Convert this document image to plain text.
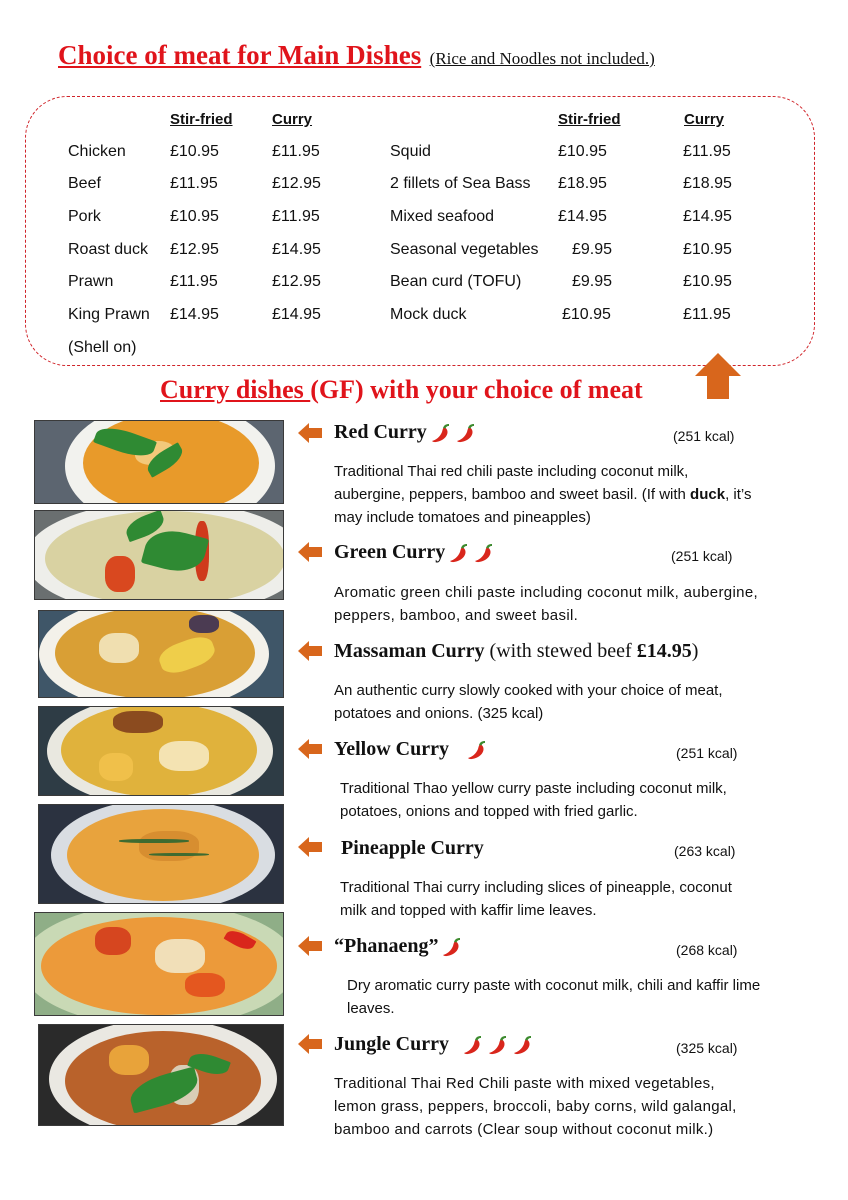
Choice of meat for Main Dishes (Rice and Noodles not included.)
Stir-fried	Curry	Stir-fried	Curry
Chicken	£10.95	£11.95
Beef	£11.95	£12.95
Pork	£10.95	£11.95
Roast duck £12.95	£14.95
Prawn	£11.95	£12.95
King Prawn £14.95	£14.95
(Shell on)
Squid	£10.95	£11.95
2 fillets of Sea Bass £18.95	£18.95
Mixed seafood	£14.95	£14.95
Seasonal vegetables £9.95	£10.95
Bean curd (TOFU)	£9.95	£10.95
Mock duck	£10.95	£11.95
Curry dishes (GF) with your choice of meat
Red Curry	(251 kcal)

Traditional Thai red chili paste including coconut milk, aubergine, peppers, bamboo and sweet basil. (If with duck, it’s may include tomatoes and pineapples)

Green Curry	(251 kcal)

Aromatic green chili paste including coconut milk, aubergine, peppers, bamboo, and sweet basil.

Massaman Curry (with stewed beef £14.95)

An authentic curry slowly cooked with your choice of meat, potatoes and onions. (325 kcal)

Yellow Curry	(251 kcal)

Traditional Thao yellow curry paste including coconut milk, potatoes, onions and topped with fried garlic.

Pineapple Curry	(263 kcal)

Traditional Thai curry including slices of pineapple, coconut milk and topped with kaffir lime leaves.

“Phanaeng”	(268 kcal)

Dry aromatic curry paste with coconut milk, chili and kaffir lime leaves.

Jungle Curry	(325 kcal)

Traditional Thai Red Chili paste with mixed vegetables, lemon grass, peppers, broccoli, baby corns, wild galangal, bamboo and carrots (Clear soup without coconut milk.)
